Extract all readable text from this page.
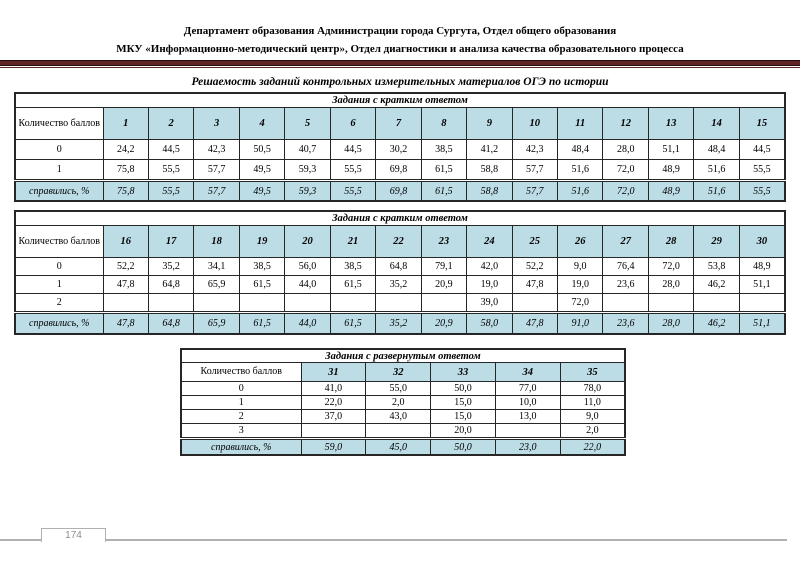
Департамент образования Администрации города Сургута, Отдел общего образования
МКУ «Информационно-методический центр», Отдел диагностики и анализа качества образовательного процесса
Решаемость заданий контрольных измерительных материалов ОГЭ по истории
Задания с кратким ответом															
Количество баллов	1	2	3	4	5	6	7	8	9	10	11	12	13	14	15
0	24,2	44,5	42,3	50,5	40,7	44,5	30,2	38,5	41,2	42,3	48,4	28,0	51,1	48,4	44,5
1	75,8	55,5	57,7	49,5	59,3	55,5	69,8	61,5	58,8	57,7	51,6	72,0	48,9	51,6	55,5
справились, %	75,8	55,5	57,7	49,5	59,3	55,5	69,8	61,5	58,8	57,7	51,6	72,0	48,9	51,6	55,5
Задания с кратким ответом															
Количество баллов	16	17	18	19	20	21	22	23	24	25	26	27	28	29	30
0	52,2	35,2	34,1	38,5	56,0	38,5	64,8	79,1	42,0	52,2	9,0	76,4	72,0	53,8	48,9
1	47,8	64,8	65,9	61,5	44,0	61,5	35,2	20,9	19,0	47,8	19,0	23,6	28,0	46,2	51,1
2									39,0		72,0				
справились, %	47,8	64,8	65,9	61,5	44,0	61,5	35,2	20,9	58,0	47,8	91,0	23,6	28,0	46,2	51,1
Задания с развернутым ответом					
Количество баллов	31	32	33	34	35
0	41,0	55,0	50,0	77,0	78,0
1	22,0	2,0	15,0	10,0	11,0
2	37,0	43,0	15,0	13,0	9,0
3			20,0		2,0
справились, %	59,0	45,0	50,0	23,0	22,0
174
